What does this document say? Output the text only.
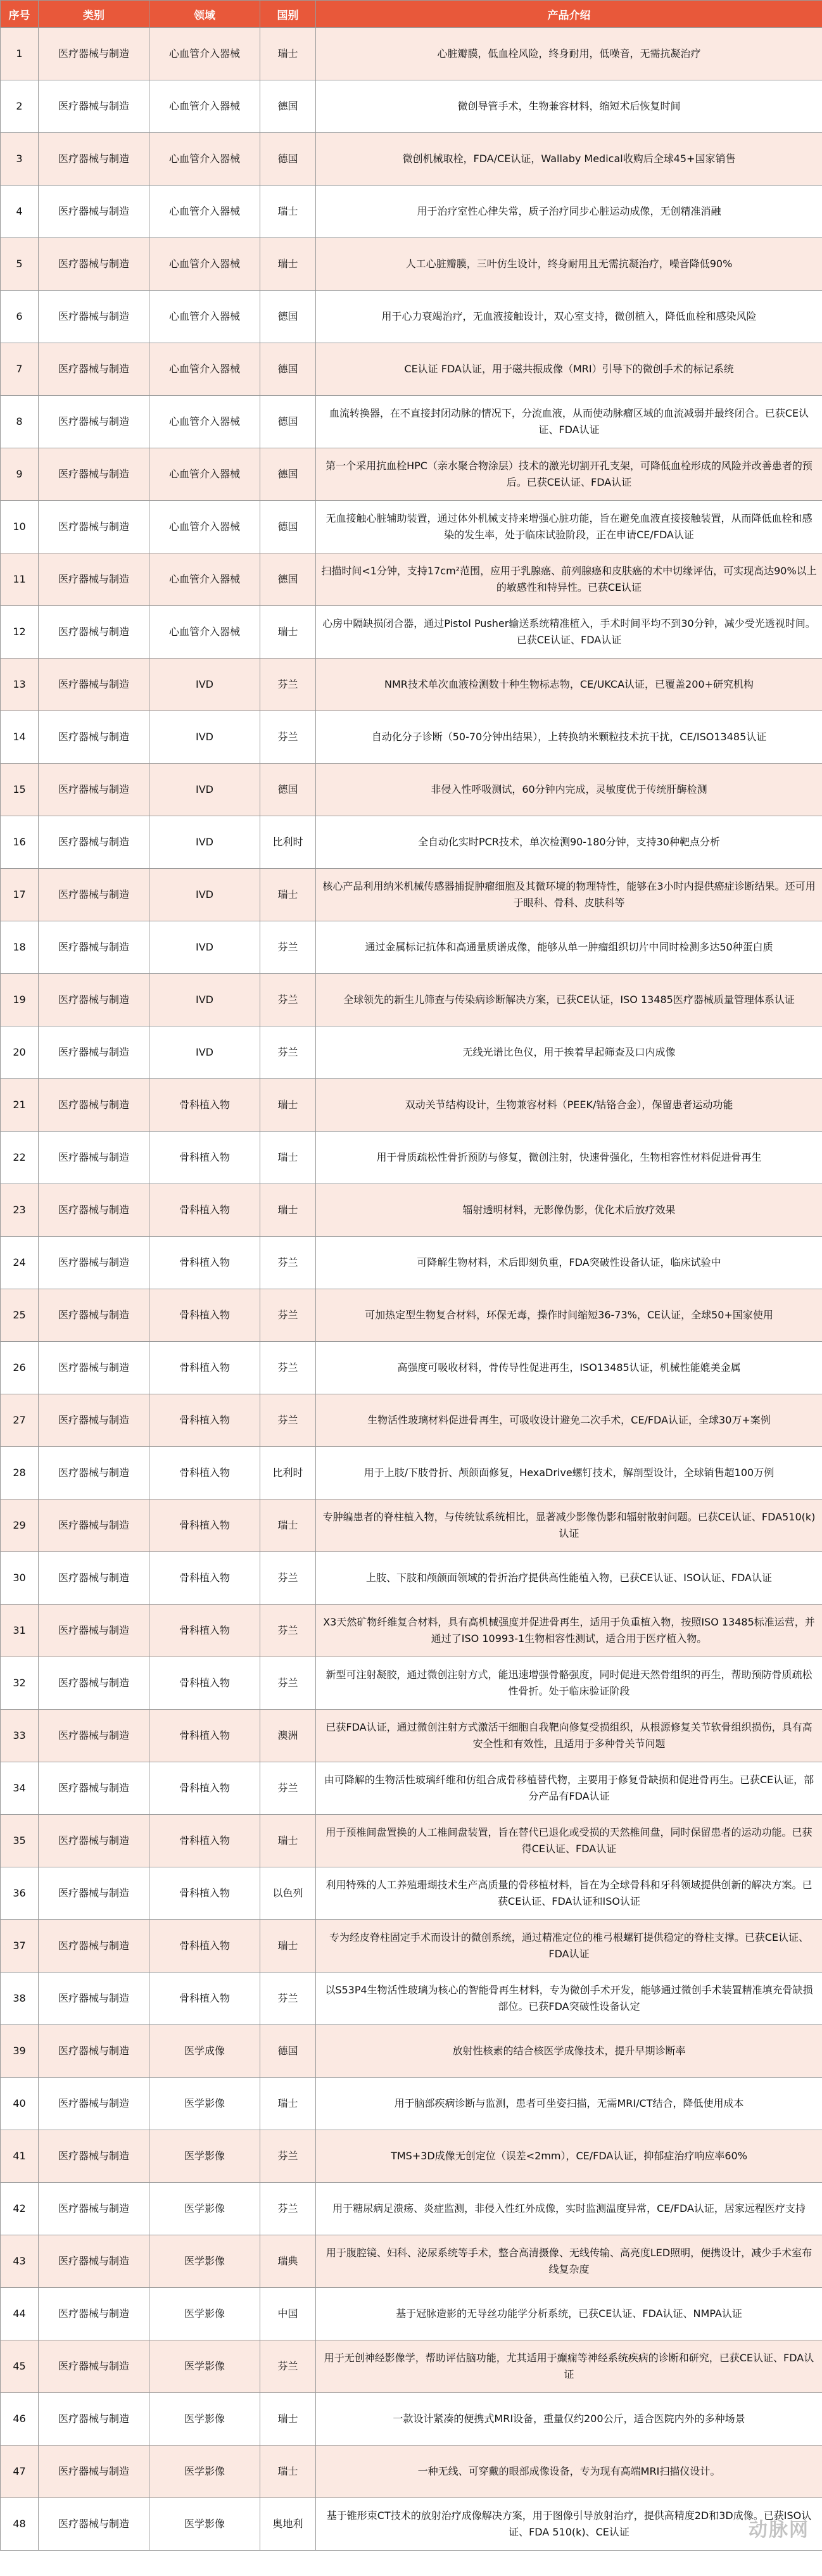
序号	类别	领域	国别	产品介绍
1	医疗器械与制造	心血管介入器械	瑞士	心脏瓣膜，低血栓风险，终身耐用，低噪音，无需抗凝治疗
2	医疗器械与制造	心血管介入器械	德国	微创导管手术，生物兼容材料，缩短术后恢复时间
3	医疗器械与制造	心血管介入器械	德国	微创机械取栓，FDA/CE认证，Wallaby Medical收购后全球45+国家销售
4	医疗器械与制造	心血管介入器械	瑞士	用于治疗室性心律失常，质子治疗同步心脏运动成像，无创精准消融
5	医疗器械与制造	心血管介入器械	瑞士	人工心脏瓣膜，三叶仿生设计，终身耐用且无需抗凝治疗，噪音降低90%
6	医疗器械与制造	心血管介入器械	德国	用于心力衰竭治疗，无血液接触设计，双心室支持，微创植入，降低血栓和感染风险
7	医疗器械与制造	心血管介入器械	德国	CE认证 FDA认证，用于磁共振成像（MRI）引导下的微创手术的标记系统
8	医疗器械与制造	心血管介入器械	德国	血流转换器，在不直接封闭动脉的情况下，分流血液，从而使动脉瘤区域的血流减弱并最终闭合。已获CE认证、FDA认证
9	医疗器械与制造	心血管介入器械	德国	第一个采用抗血栓HPC（亲水聚合物涂层）技术的激光切割开孔支架，可降低血栓形成的风险并改善患者的预后。已获CE认证、FDA认证
10	医疗器械与制造	心血管介入器械	德国	无血接触心脏辅助装置，通过体外机械支持来增强心脏功能，旨在避免血液直接接触装置，从而降低血栓和感染的发生率，处于临床试验阶段，正在申请CE/FDA认证
11	医疗器械与制造	心血管介入器械	德国	扫描时间<1分钟，支持17cm²范围，应用于乳腺癌、前列腺癌和皮肤癌的术中切缘评估，可实现高达90%以上的敏感性和特异性。已获CE认证
12	医疗器械与制造	心血管介入器械	瑞士	心房中隔缺损闭合器，通过Pistol Pusher输送系统精准植入，手术时间平均不到30分钟，减少受光透视时间。已获CE认证、FDA认证
13	医疗器械与制造	IVD	芬兰	NMR技术单次血液检测数十种生物标志物，CE/UKCA认证，已覆盖200+研究机构
14	医疗器械与制造	IVD	芬兰	自动化分子诊断（50-70分钟出结果），上转换纳米颗粒技术抗干扰，CE/ISO13485认证
15	医疗器械与制造	IVD	德国	非侵入性呼吸测试，60分钟内完成，灵敏度优于传统肝酶检测
16	医疗器械与制造	IVD	比利时	全自动化实时PCR技术，单次检测90-180分钟，支持30种靶点分析
17	医疗器械与制造	IVD	瑞士	核心产品利用纳米机械传感器捕捉肿瘤细胞及其微环境的物理特性，能够在3小时内提供癌症诊断结果。还可用于眼科、骨科、皮肤科等
18	医疗器械与制造	IVD	芬兰	通过金属标记抗体和高通量质谱成像，能够从单一肿瘤组织切片中同时检测多达50种蛋白质
19	医疗器械与制造	IVD	芬兰	全球领先的新生儿筛查与传染病诊断解决方案，已获CE认证，ISO 13485医疗器械质量管理体系认证
20	医疗器械与制造	IVD	芬兰	无线光谱比色仪，用于挨着早起筛查及口内成像
21	医疗器械与制造	骨科植入物	瑞士	双动关节结构设计，生物兼容材料（PEEK/钴铬合金），保留患者运动功能
22	医疗器械与制造	骨科植入物	瑞士	用于骨质疏松性骨折预防与修复，微创注射，快速骨强化，生物相容性材料促进骨再生
23	医疗器械与制造	骨科植入物	瑞士	辐射透明材料，无影像伪影，优化术后放疗效果
24	医疗器械与制造	骨科植入物	芬兰	可降解生物材料，术后即刻负重，FDA突破性设备认证，临床试验中
25	医疗器械与制造	骨科植入物	芬兰	可加热定型生物复合材料，环保无毒，操作时间缩短36-73%，CE认证，全球50+国家使用
26	医疗器械与制造	骨科植入物	芬兰	高强度可吸收材料，骨传导性促进再生，ISO13485认证，机械性能媲美金属
27	医疗器械与制造	骨科植入物	芬兰	生物活性玻璃材料促进骨再生，可吸收设计避免二次手术，CE/FDA认证，全球30万+案例
28	医疗器械与制造	骨科植入物	比利时	用于上肢/下肢骨折、颅颌面修复，HexaDrive螺钉技术，解剖型设计，全球销售超100万例
29	医疗器械与制造	骨科植入物	瑞士	专肿编患者的脊柱植入物，与传统钛系统相比，显著减少影像伪影和辐射散射问题。已获CE认证、FDA510(k)认证
30	医疗器械与制造	骨科植入物	芬兰	上肢、下肢和颅颌面领域的骨折治疗提供高性能植入物，已获CE认证、ISO认证、FDA认证
31	医疗器械与制造	骨科植入物	芬兰	X3天然矿物纤维复合材料，具有高机械强度并促进骨再生，适用于负重植入物，按照ISO 13485标准运营，并通过了ISO 10993-1生物相容性测试，适合用于医疗植入物。
32	医疗器械与制造	骨科植入物	芬兰	新型可注射凝胶，通过微创注射方式，能迅速增强骨骼强度，同时促进天然骨组织的再生，帮助预防骨质疏松性骨折。处于临床验证阶段
33	医疗器械与制造	骨科植入物	澳洲	已获FDA认证，通过微创注射方式激活干细胞自我靶向修复受损组织，从根源修复关节软骨组织损伤，具有高安全性和有效性，且适用于多种骨关节问题
34	医疗器械与制造	骨科植入物	芬兰	由可降解的生物活性玻璃纤维和仿组合成骨移植替代物，主要用于修复骨缺损和促进骨再生。已获CE认证，部分产品有FDA认证
35	医疗器械与制造	骨科植入物	瑞士	用于预椎间盘置换的人工椎间盘装置，旨在替代已退化或受损的天然椎间盘，同时保留患者的运动功能。已获得CE认证、FDA认证
36	医疗器械与制造	骨科植入物	以色列	利用特殊的人工养殖珊瑚技术生产高质量的骨移植材料，旨在为全球骨科和牙科领域提供创新的解决方案。已获CE认证、FDA认证和ISO认证
37	医疗器械与制造	骨科植入物	瑞士	专为经皮脊柱固定手术而设计的微创系统，通过精准定位的椎弓根螺钉提供稳定的脊柱支撑。已获CE认证、FDA认证
38	医疗器械与制造	骨科植入物	芬兰	以S53P4生物活性玻璃为核心的智能骨再生材料，专为微创手术开发，能够通过微创手术装置精准填充骨缺损部位。已获FDA突破性设备认定
39	医疗器械与制造	医学成像	德国	放射性核素的结合核医学成像技术，提升早期诊断率
40	医疗器械与制造	医学影像	瑞士	用于脑部疾病诊断与监测，患者可坐姿扫描，无需MRI/CT结合，降低使用成本
41	医疗器械与制造	医学影像	芬兰	TMS+3D成像无创定位（误差<2mm），CE/FDA认证，抑郁症治疗响应率60%
42	医疗器械与制造	医学影像	芬兰	用于糖尿病足溃疡、炎症监测，非侵入性红外成像，实时监测温度异常，CE/FDA认证，居家远程医疗支持
43	医疗器械与制造	医学影像	瑞典	用于腹腔镜、妇科、泌尿系统等手术，整合高清摄像、无线传输、高亮度LED照明，便携设计，减少手术室布线复杂度
44	医疗器械与制造	医学影像	中国	基于冠脉造影的无导丝功能学分析系统，已获CE认证、FDA认证、NMPA认证
45	医疗器械与制造	医学影像	芬兰	用于无创神经影像学，帮助评估脑功能，尤其适用于癫痫等神经系统疾病的诊断和研究，已获CE认证、FDA认证
46	医疗器械与制造	医学影像	瑞士	一款设计紧凑的便携式MRI设备，重量仅约200公斤，适合医院内外的多种场景
47	医疗器械与制造	医学影像	瑞士	一种无线、可穿戴的眼部成像设备，专为现有高端MRI扫描仪设计。
48	医疗器械与制造	医学影像	奥地利	基于锥形束CT技术的放射治疗成像解决方案，用于图像引导放射治疗，提供高精度2D和3D成像。已获ISO认证、FDA 510(k)、CE认证	动脉网
